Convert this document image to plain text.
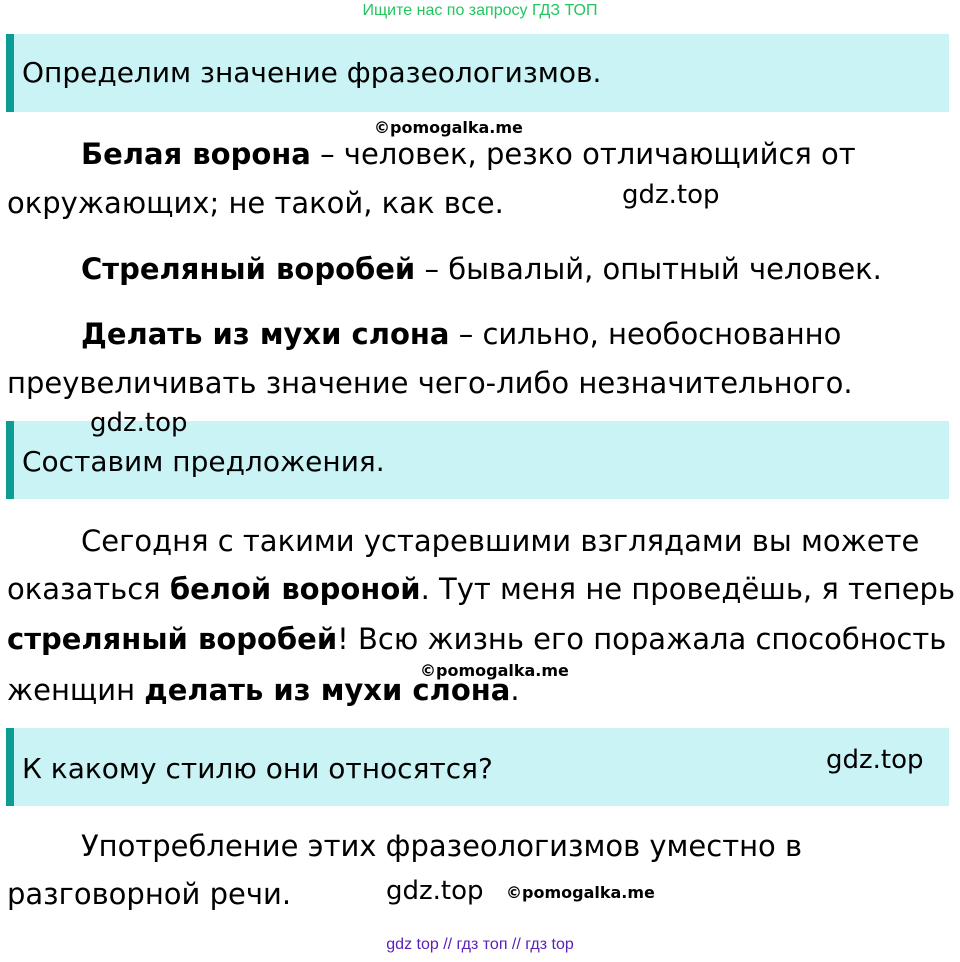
Ищите нас по запросу ГДЗ ТОП
Определим значение фразеологизмов.
©pomogalka.me
Белая ворона – человек, резко отличающийся от
окружающих; не такой, как все.	gdz.top
Стреляный воробей – бывалый, опытный человек.
Делать из мухи слона – сильно, необоснованно
преувеличивать значение чего-либо незначительного.
Составим предложения.
gdz.top
Сегодня с такими устаревшими взглядами вы можете
оказаться белой вороной. Тут меня не проведёшь, я теперь
стреляный воробей! Всю жизнь его поражала способность
©pomogalka.me
женщин делать из мухи слона.
К какому стилю они относятся?	gdz.top
Употребление этих фразеологизмов уместно в
разговорной речи.	gdz.top ©pomogalka.me
gdz top // гдз топ // гдз top
